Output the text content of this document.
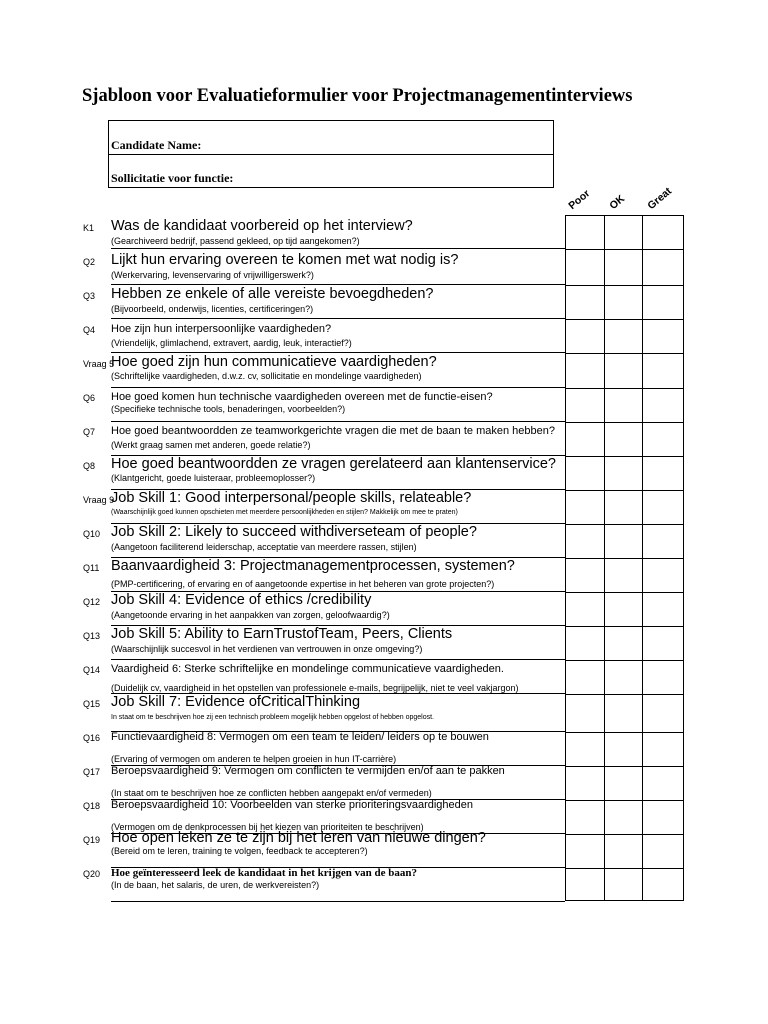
Sjabloon voor Evaluatieformulier voor Projectmanagementinterviews
Candidate Name:
Sollicitatie voor functie:
Poor OK Great
K1 Was de kandidaat voorbereid op het interview?
(Gearchiveerd bedrijf, passend gekleed, op tijd aangekomen?)
Q2 Lijkt hun ervaring overeen te komen met wat nodig is?
(Werkervaring, levenservaring of vrijwilligerswerk?)
Q3 Hebben ze enkele of alle vereiste bevoegdheden?
(Bijvoorbeeld, onderwijs, licenties, certificeringen?)
Q4 Hoe zijn hun interpersoonlijke vaardigheden?
(Vriendelijk, glimlachend, extravert, aardig, leuk, interactief?)
Vraag 5
Hoe goed zijn hun communicatieve vaardigheden?
(Schriftelijke vaardigheden, d.w.z. cv, sollicitatie en mondelinge vaardigheden)
Q6 Hoe goed komen hun technische vaardigheden overeen met de functie-eisen?
(Specifieke technische tools, benaderingen, voorbeelden?)
Q7 Hoe goed beantwoordden ze teamworkgerichte vragen die met de baan te maken hebben?
(Werkt graag samen met anderen, goede relatie?)
Q8 Hoe goed beantwoordden ze vragen gerelateerd aan klantenservice?
(Klantgericht, goede luisteraar, probleemoplosser?)
Vraag 9
Job Skill 1: Good interpersonal/people skills, relateable?
(Waarschijnlijk goed kunnen opschieten met meerdere persoonlijkheden en stijlen? Makkelijk om mee te praten)
Q10 Job Skill 2: Likely to succeed withdiverseteam of people?
(Aangetoon faciliterend leiderschap, acceptatie van meerdere rassen, stijlen)
Q11 Baanvaardigheid 3: Projectmanagementprocessen, systemen?
(PMP-certificering, of ervaring en of aangetoonde expertise in het beheren van grote projecten?)
Q12 Job Skill 4: Evidence of ethics /credibility
(Aangetoonde ervaring in het aanpakken van zorgen, geloofwaardig?)
Q13 Job Skill 5: Ability to EarnTrustofTeam, Peers, Clients
(Waarschijnlijk succesvol in het verdienen van vertrouwen in onze omgeving?)
Q14 Vaardigheid 6: Sterke schriftelijke en mondelinge communicatieve vaardigheden.
(Duidelijk cv, vaardigheid in het opstellen van professionele e-mails, begrijpelijk, niet te veel vakjargon)
Q15 Job Skill 7: Evidence ofCriticalThinking
In staat om te beschrijven hoe zij een technisch probleem mogelijk hebben opgelost of hebben opgelost.
Q16 Functievaardigheid 8: Vermogen om een team te leiden/ leiders op te bouwen
(Ervaring of vermogen om anderen te helpen groeien in hun IT-carrière)
Q17 Beroepsvaardigheid 9: Vermogen om conflicten te vermijden en/of aan te pakken
(In staat om te beschrijven hoe ze conflicten hebben aangepakt en/of vermeden)
Q18 Beroepsvaardigheid 10: Voorbeelden van sterke prioriteringsvaardigheden
(Vermogen om de denkprocessen bij het kiezen van prioriteiten te beschrijven)
Q19 Hoe open leken ze te zijn bij het leren van nieuwe dingen?
(Bereid om te leren, training te volgen, feedback te accepteren?)
Q20 Hoe geïnteresseerd leek de kandidaat in het krijgen van de baan?
(In de baan, het salaris, de uren, de werkvereisten?)
